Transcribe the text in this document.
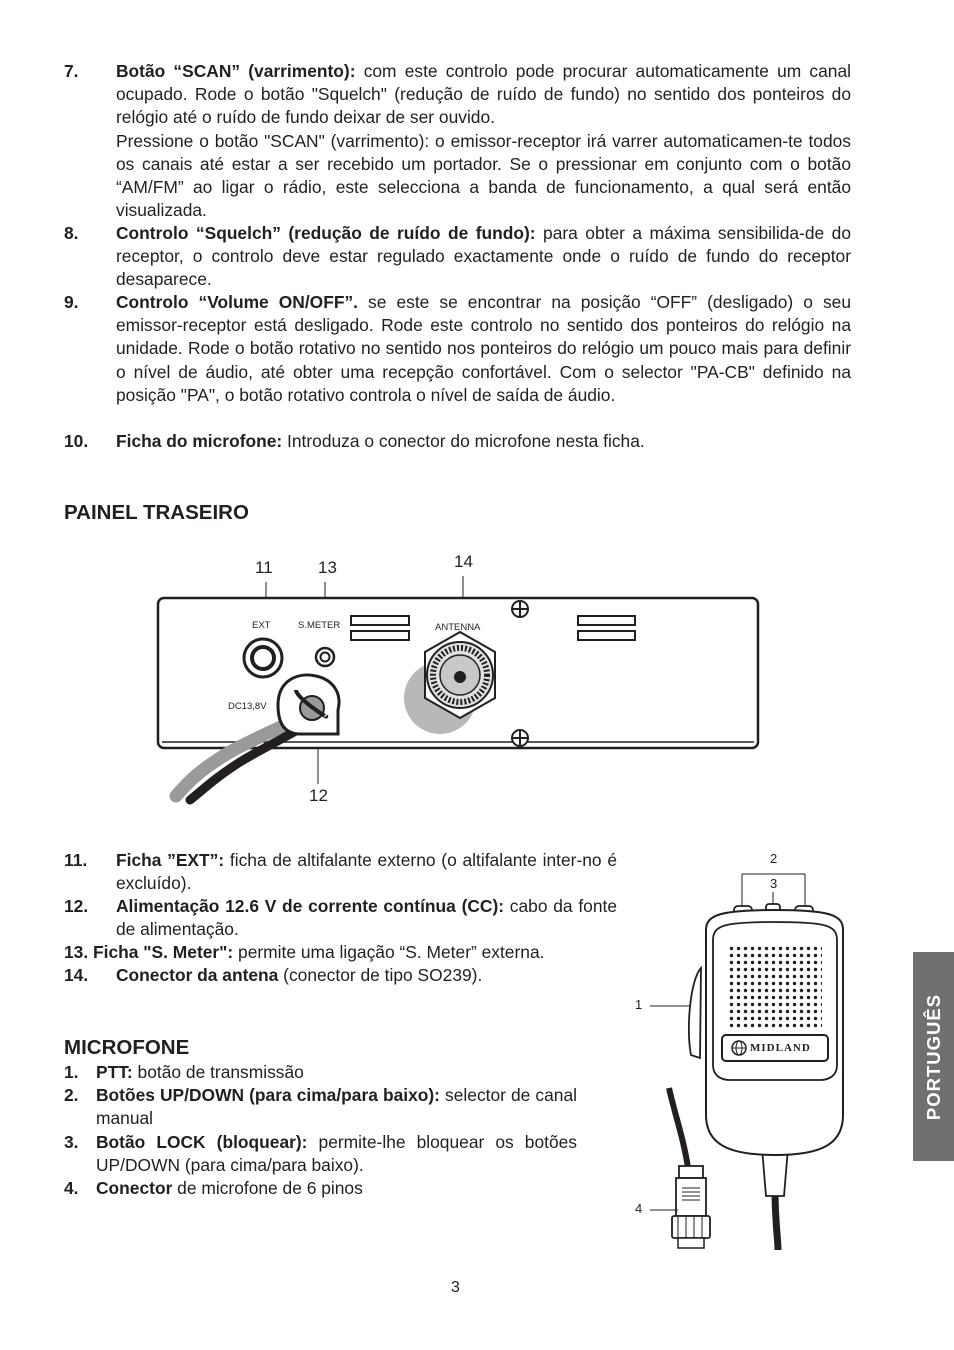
7. Botão “SCAN” (varrimento): com este controlo pode procurar automaticamente um canal ocupado. Rode o botão "Squelch" (redução de ruído de fundo) no sentido dos ponteiros do relógio até o ruído de fundo deixar de ser ouvido.
Pressione o botão "SCAN" (varrimento): o emissor-receptor irá varrer automaticamen-te todos os canais até estar a ser recebido um portador. Se o pressionar em conjunto com o botão “AM/FM” ao ligar o rádio, este selecciona a banda de funcionamento, a qual será então visualizada.
8. Controlo “Squelch” (redução de ruído de fundo): para obter a máxima sensibilida-de do receptor, o controlo deve estar regulado exactamente onde o ruído de fundo do receptor desaparece.
9. Controlo “Volume ON/OFF”. se este se encontrar na posição “OFF” (desligado) o seu emissor-receptor está desligado. Rode este controlo no sentido dos ponteiros do relógio na unidade. Rode o botão rotativo no sentido nos ponteiros do relógio um pouco mais para definir o nível de áudio, até obter uma recepção confortável. Com o selector "PA-CB" definido na posição "PA", o botão rotativo controla o nível de saída de áudio.
10. Ficha do microfone: Introduza o conector do microfone nesta ficha.
PAINEL TRASEIRO
11	13	14
12
EXT	S.METER	ANTENNA
DC13,8V
11. Ficha ”EXT”: ficha de altifalante externo (o altifalante inter-no é excluído).
12. Alimentação 12.6 V de corrente contínua (CC): cabo da fonte de alimentação.
13. Ficha "S. Meter": permite uma ligação “S. Meter” externa.
14. Conector da antena (conector de tipo SO239).
MICROFONE
1. PTT: botão de transmissão
2. Botões UP/DOWN (para cima/para baixo): selector de canal manual
3. Botão LOCK (bloquear): permite-lhe bloquear os botões UP/DOWN (para cima/para baixo).
4. Conector de microfone de 6 pinos
MIDLAND
2
3
1
4
PORTUGUÊS
3
